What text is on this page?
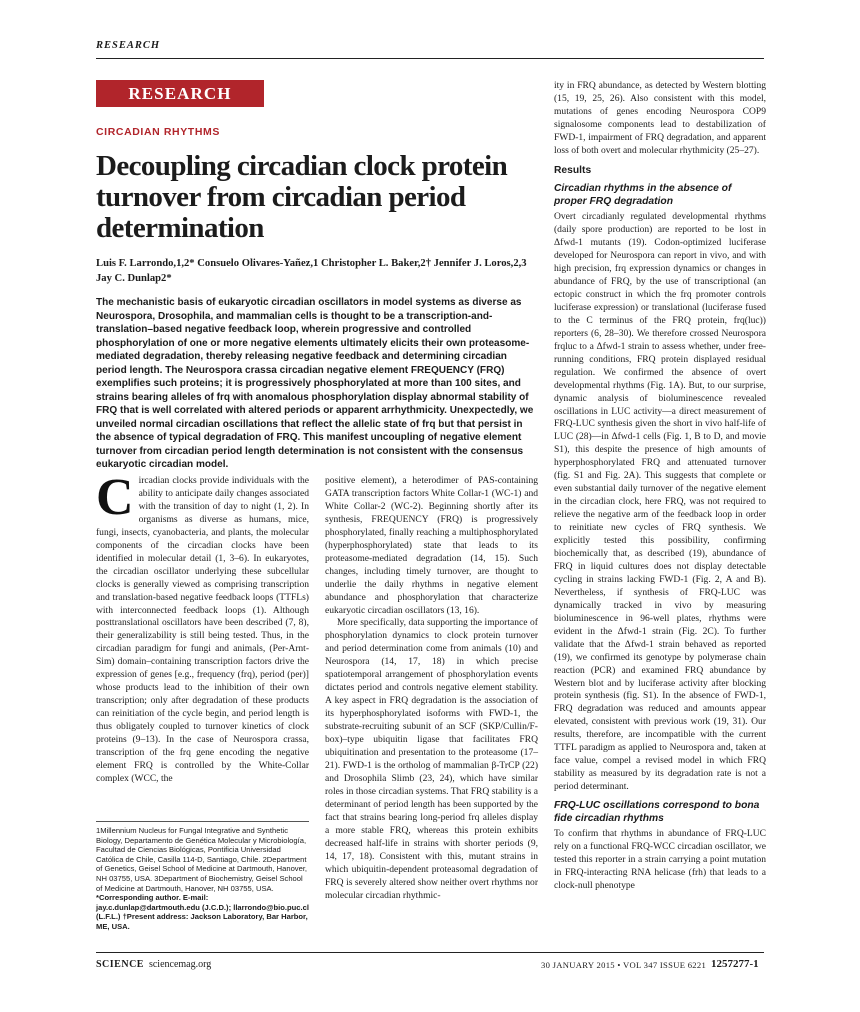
RESEARCH
RESEARCH ARTICLE
CIRCADIAN RHYTHMS
Decoupling circadian clock protein turnover from circadian period determination
Luis F. Larrondo,1,2* Consuelo Olivares-Yañez,1 Christopher L. Baker,2† Jennifer J. Loros,2,3 Jay C. Dunlap2*
The mechanistic basis of eukaryotic circadian oscillators in model systems as diverse as Neurospora, Drosophila, and mammalian cells is thought to be a transcription-and-translation–based negative feedback loop, wherein progressive and controlled phosphorylation of one or more negative elements ultimately elicits their own proteasome-mediated degradation, thereby releasing negative feedback and determining circadian period length. The Neurospora crassa circadian negative element FREQUENCY (FRQ) exemplifies such proteins; it is progressively phosphorylated at more than 100 sites, and strains bearing alleles of frq with anomalous phosphorylation display abnormal stability of FRQ that is well correlated with altered periods or apparent arrhythmicity. Unexpectedly, we unveiled normal circadian oscillations that reflect the allelic state of frq but that persist in the absence of typical degradation of FRQ. This manifest uncoupling of negative element turnover from circadian period length determination is not consistent with the consensus eukaryotic circadian model.

Circadian clocks provide individuals with the ability to anticipate daily changes associated with the transition of day to night (1, 2). In organisms as diverse as humans, mice, fungi, insects, cyanobacteria, and plants, the molecular components of the circadian clocks have been identified in molecular detail (1, 3–6). In eukaryotes, the circadian oscillator underlying these subcellular clocks is generally viewed as comprising transcription and translation-based negative feedback loops (TTFLs) with interconnected feedback loops (1). Although posttranslational oscillators have been described (7, 8), their generalizability is still being tested. Thus, in the circadian paradigm for fungi and animals, (Per-Arnt-Sim) domain–containing transcription factors drive the expression of genes [e.g., frequency (frq), period (per)] whose products lead to the inhibition of their own transcription; only after degradation of these products can reinitiation of the cycle begin, and period length is thus obligately coupled to turnover kinetics of clock proteins (9–13). In the case of Neurospora crassa, transcription of the frq gene encoding the negative element FRQ is controlled by the White-Collar complex (WCC, the

1Millennium Nucleus for Fungal Integrative and Synthetic Biology, Departamento de Genética Molecular y Microbiología, Facultad de Ciencias Biológicas, Pontificia Universidad Católica de Chile, Casilla 114-D, Santiago, Chile. 2Department of Genetics, Geisel School of Medicine at Dartmouth, Hanover, NH 03755, USA. 3Department of Biochemistry, Geisel School of Medicine at Dartmouth, Hanover, NH 03755, USA.

*Corresponding author. E-mail: jay.c.dunlap@dartmouth.edu (J.C.D.); llarrondo@bio.puc.cl (L.F.L.) †Present address: Jackson Laboratory, Bar Harbor, ME, USA.

positive element), a heterodimer of PAS-containing GATA transcription factors White Collar-1 (WC-1) and White Collar-2 (WC-2). Beginning shortly after its synthesis, FREQUENCY (FRQ) is progressively phosphorylated, finally reaching a multiphosphorylated (hyperphosphorylated) state that leads to its proteasome-mediated degradation (14, 15). Such changes, including timely turnover, are thought to underlie the daily rhythms in negative element abundance and phosphorylation that characterize eukaryotic circadian oscillators (13, 16).

More specifically, data supporting the importance of phosphorylation dynamics to clock protein turnover and period determination come from animals (10) and Neurospora (14, 17, 18) in which precise spatiotemporal arrangement of phosphorylation events dictates period and controls negative element stability. A key aspect in FRQ degradation is the association of its hyperphosphorylated isoforms with FWD-1, the substrate-recruiting subunit of an SCF (SKP/Cullin/F-box)–type ubiquitin ligase that facilitates FRQ ubiquitination and presentation to the proteasome (17–21). FWD-1 is the ortholog of mammalian β-TrCP (22) and Drosophila Slimb (23, 24), which have similar roles in those circadian systems. That FRQ stability is a determinant of period length has been supported by the fact that strains bearing long-period frq alleles display a more stable FRQ, whereas this protein exhibits decreased half-life in strains with shorter periods (9, 14, 17, 18). Consistent with this, mutant strains in which ubiquitin-dependent proteasomal degradation of FRQ is severely altered show neither overt rhythms nor molecular circadian rhythmic-

ity in FRQ abundance, as detected by Western blotting (15, 19, 25, 26). Also consistent with this model, mutations of genes encoding Neurospora COP9 signalosome components lead to destabilization of FWD-1, impairment of FRQ degradation, and apparent loss of both overt and molecular rhythmicity (25–27).

Results
Circadian rhythms in the absence of proper FRQ degradation

Overt circadianly regulated developmental rhythms (daily spore production) are reported to be lost in Δfwd-1 mutants (19). Codon-optimized luciferase developed for Neurospora can report in vivo, and with high precision, frq expression dynamics or changes in abundance of FRQ, by the use of transcriptional (an ectopic construct in which the frq promoter controls luciferase expression) or translational (luciferase fused to the C terminus of the FRQ protein, frq(luc)) reporters (6, 28–30). We therefore crossed Neurospora frqluc to a Δfwd-1 strain to assess whether, under free-running conditions, FRQ protein displayed residual regulation. We confirmed the absence of overt developmental rhythms (Fig. 1A). But, to our surprise, dynamic analysis of bioluminescence revealed oscillations in LUC activity—a direct measurement of FRQ-LUC synthesis given the short in vivo half-life of LUC (28)—in Δfwd-1 cells (Fig. 1, B to D, and movie S1), this despite the presence of high amounts of hyperphosphorylated FRQ and attenuated turnover (fig. S1 and Fig. 2A). This suggests that complete or even substantial daily turnover of the negative element in the circadian clock, here FRQ, was not required to relieve the negative arm of the feedback loop in order to reinitiate new cycles of FRQ synthesis. We explicitly tested this possibility, confirming biochemically that, as described (19), abundance of FRQ in liquid cultures does not display detectable cycling in strains lacking FWD-1 (Fig. 2, A and B). Nevertheless, if synthesis of FRQ-LUC was dynamically tracked in vivo by measuring bioluminescence in 96-well plates, rhythms were evident in the Δfwd-1 strain (Fig. 2C). To further validate that the Δfwd-1 strain behaved as reported (19), we confirmed its genotype by polymerase chain reaction (PCR) and examined FRQ abundance by Western blot and by luciferase activity after blocking protein synthesis (fig. S1). In the absence of FWD-1, FRQ degradation was reduced and amounts appear elevated, consistent with previous work (19, 31). Our results, therefore, are incompatible with the current TTFL paradigm as applied to Neurospora and, taken at face value, compel a revised model in which FRQ stability as measured by its degradation rate is not a period determinant.

FRQ-LUC oscillations correspond to bona fide circadian rhythms

To confirm that rhythms in abundance of FRQ-LUC rely on a functional FRQ-WCC circadian oscillator, we tested this reporter in a strain carrying a point mutation in FRQ-interacting RNA helicase (frh) that leads to a clock-null phenotype

SCIENCE sciencemag.org	30 JANUARY 2015 • VOL 347 ISSUE 6221 1257277-1
